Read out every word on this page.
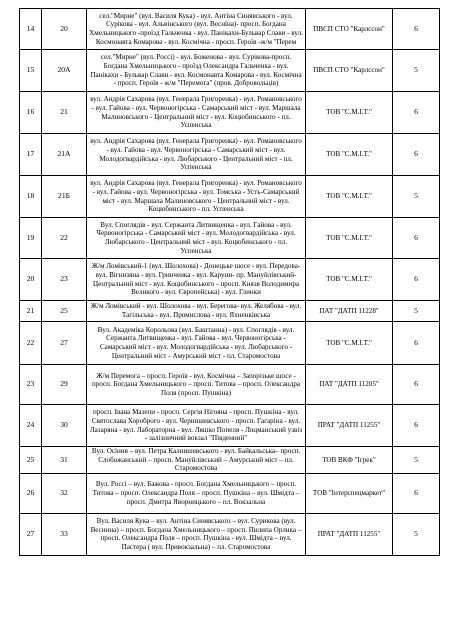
14	20	сел."Мирне" (вул. Василя Кука) - вул. Антіна Синявського - вул. Сурікова - вул. Альвінського (вул. Веснїна)- просп. Богдана Хмельницького -проїзд Гальченка - вул. Панікахи-Бульвар Слави - вул. Космонавта Комарова - вул. Космічна - просп. Героїв -ж/м "Перем	ПВСП СТО "Карлссон"	6
15	20А	сел."Мирне" (вул. Россі) - вул. Боженова - вул. Сурікова-просп. Богдана Хмельницького - проїзд Олександра Гальченка - вул. Панікахи - Бульвар Слави - вул. Космонавта Комарова - вул. Космічна - просп. Героїв - ж/м "Перемога" (пров. Добровольців)	ПВСП СТО "Карлссон"	5
16	21	вул. Андрія Сахарова (вул. Генерала Григоренка) - вул. Романовського - вул. Гайова - вул. Червоногірська - Самарський міст - вул. Маршала Малиновського - Центральний міст - вул. Коцюбинського - пл. Успенська	ТОВ "С.М.І.Т."	6
17	21А	вул. Андрія Сахарова (вул. Генерала Григоренка) - вул. Романовського - вул. Гайова - вул. Червоногірська - Самарський міст - вул. Молодогвардійська - вул. Любарського - Центральний міст - пл. Успенська	ТОВ "С.М.І.Т."	6
18	21Б	вул. Андрія Сахарова (вул. Генерала Григоренка) - вул. Романовського - вул. Гайова - вул. Червоногірська - вул. Томська - Усть-Самарський міст - вул. Маршала Малиновського - Центральний міст - вул. Коцюбинського - пл. Успенська	ТОВ "С.М.І.Т."	5
19	22	Вул. Споглядів - вул. Сержанта Литвищенка - вул. Гайова - вул. Червоногірська - Самарський міст - вул. Молодогвардійська - вул. Любарського - Центральний міст - вул. Коцюбинського - пл. Успенська	ТОВ "С.М.І.Т."	6
20	23	Ж/м Ломівський-1 (вул. Шолохова) - Донецьке шосе - вул. Передова- вул. Вігнизяна - вул. Гринченка - вул. Каруни- пр. Мануйлівський- Центральний міст - вул. Коцюбинського - просп. Князя Володимира Великого - вул. Європейська) - вул. Глинки	ТОВ "С.М.І.Т."	6
21	25	Ж/м Ломівський - вул. Шолохова - вул. Берегова- вул. Желябова - вул. Тагільська - вул. Промислова - вул. Яхненківська	ПАТ "ДАТП 11228"	5
22	27	Вул. Академіка Корольова (вул. Баштанна) - вул. Споглядів - вул. Сержанта Литвищенка - вул. Гайова - вул. Червоногірська - Самарський міст - вул. Молодогвардійська - вул. Любарського - Центральний міст - Амурський міст - пл. Старомостова	ТОВ "С.М.І.Т."	6
23	29	Ж/м Перемога – просп. Героїв - вул. Космічна – Запорізьке шосе - просп. Богдана Хмельницького – просп. Титова – просп. Олександра Поля (просп. Пушкіна)	ПАТ "ДАТП 11205"	6
24	30	просп. Івана Мазепи - просп. Сергія Нігояна - просп. Пушкіна - вул. Святослава Хороброго - вул. Чернишевського - просп. Гагаріна - вул. Лазаряна - вул. Лабораторна - вул. Ляшко Попеля - Лоцманський узвіз - залізничний вокзал "Південний"	ПРАТ "ДАТП 11255"	6
25	31	Вул. Осіння – вул. Петра Калнишевського - вул. Байкальська– просп. Слобожанський – просп. Мануйлівський – Амурський міст – пл. Старомостова	ТОВ ВКФ "Ігрек"	5
26	32	Вул. Россі – вул. Бажова - просп. Богдана Хмельницького – просп. Титова – просп. Олександра Поля – просп. Пушкіна – вул. Шмідта – просп. Дмитра Яворницького – пл. Вокзальна	ТОВ "Інтерспецмаркет"	6
27	33	Вул. Василя Кука – вул. Антіна Синявського – вул. Сурикова (вул. Веснина) – просп. Богдана Хмельницького – просп. Пилипа Орлика – просп. Олександра Поля – просп. Пушкіна - вул. Шмідта – вул. Пастера ( вул. Привокзальна) – пл. Старомостова	ПРАТ "ДАТП 11255"	5
